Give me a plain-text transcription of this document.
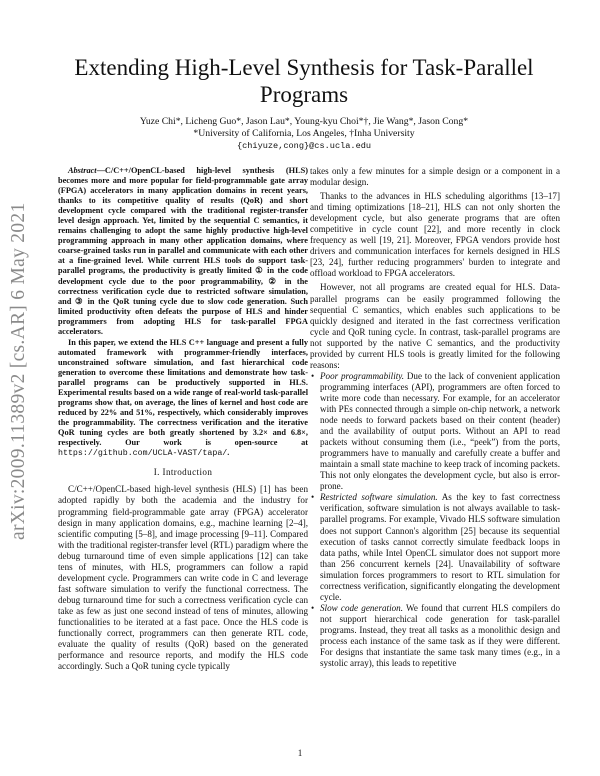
arXiv:2009.11389v2 [cs.AR] 6 May 2021
Extending High-Level Synthesis for Task-Parallel Programs
Yuze Chi*, Licheng Guo*, Jason Lau*, Young-kyu Choi*†, Jie Wang*, Jason Cong*
*University of California, Los Angeles, †Inha University
{chiyuze,cong}@cs.ucla.edu

Abstract—C/C++/OpenCL-based high-level synthesis (HLS) becomes more and more popular for field-programmable gate array (FPGA) accelerators in many application domains in recent years, thanks to its competitive quality of results (QoR) and short development cycle compared with the traditional register-transfer level design approach. Yet, limited by the sequential C semantics, it remains challenging to adopt the same highly productive high-level programming approach in many other application domains, where coarse-grained tasks run in parallel and communicate with each other at a fine-grained level. While current HLS tools do support task-parallel programs, the productivity is greatly limited ① in the code development cycle due to the poor programmability, ② in the correctness verification cycle due to restricted software simulation, and ③ in the QoR tuning cycle due to slow code generation. Such limited productivity often defeats the purpose of HLS and hinder programmers from adopting HLS for task-parallel FPGA accelerators.

In this paper, we extend the HLS C++ language and present a fully automated framework with programmer-friendly interfaces, unconstrained software simulation, and fast hierarchical code generation to overcome these limitations and demonstrate how task-parallel programs can be productively supported in HLS. Experimental results based on a wide range of real-world task-parallel programs show that, on average, the lines of kernel and host code are reduced by 22% and 51%, respectively, which considerably improves the programmability. The correctness verification and the iterative QoR tuning cycles are both greatly shortened by 3.2× and 6.8×, respectively. Our work is open-source at https://github.com/UCLA-VAST/tapa/.

I. Introduction

C/C++/OpenCL-based high-level synthesis (HLS) [1] has been adopted rapidly by both the academia and the industry for programming field-programmable gate array (FPGA) accelerator design in many application domains, e.g., machine learning [2–4], scientific computing [5–8], and image processing [9–11]. Compared with the traditional register-transfer level (RTL) paradigm where the debug turnaround time of even simple applications [12] can take tens of minutes, with HLS, programmers can follow a rapid development cycle. Programmers can write code in C and leverage fast software simulation to verify the functional correctness. The debug turnaround time for such a correctness verification cycle can take as few as just one second instead of tens of minutes, allowing functionalities to be iterated at a fast pace. Once the HLS code is functionally correct, programmers can then generate RTL code, evaluate the quality of results (QoR) based on the generated performance and resource reports, and modify the HLS code accordingly. Such a QoR tuning cycle typically

takes only a few minutes for a simple design or a component in a modular design.

Thanks to the advances in HLS scheduling algorithms [13–17] and timing optimizations [18–21], HLS can not only shorten the development cycle, but also generate programs that are often competitive in cycle count [22], and more recently in clock frequency as well [19, 21]. Moreover, FPGA vendors provide host drivers and communication interfaces for kernels designed in HLS [23, 24], further reducing programmers' burden to integrate and offload workload to FPGA accelerators.

However, not all programs are created equal for HLS. Data-parallel programs can be easily programmed following the sequential C semantics, which enables such applications to be quickly designed and iterated in the fast correctness verification cycle and QoR tuning cycle. In contrast, task-parallel programs are not supported by the native C semantics, and the productivity provided by current HLS tools is greatly limited for the following reasons:

• Poor programmability. Due to the lack of convenient application programming interfaces (API), programmers are often forced to write more code than necessary. For example, for an accelerator with PEs connected through a simple on-chip network, a network node needs to forward packets based on their content (header) and the availability of output ports. Without an API to read packets without consuming them (i.e., “peek”) from the ports, programmers have to manually and carefully create a buffer and maintain a small state machine to keep track of incoming packets. This not only elongates the development cycle, but also is error-prone.
• Restricted software simulation. As the key to fast correctness verification, software simulation is not always available to task-parallel programs. For example, Vivado HLS software simulation does not support Cannon's algorithm [25] because its sequential execution of tasks cannot correctly simulate feedback loops in data paths, while Intel OpenCL simulator does not support more than 256 concurrent kernels [24]. Unavailability of software simulation forces programmers to resort to RTL simulation for correctness verification, significantly elongating the development cycle.
• Slow code generation. We found that current HLS compilers do not support hierarchical code generation for task-parallel programs. Instead, they treat all tasks as a monolithic design and process each instance of the same task as if they were different. For designs that instantiate the same task many times (e.g., in a systolic array), this leads to repetitive
1
